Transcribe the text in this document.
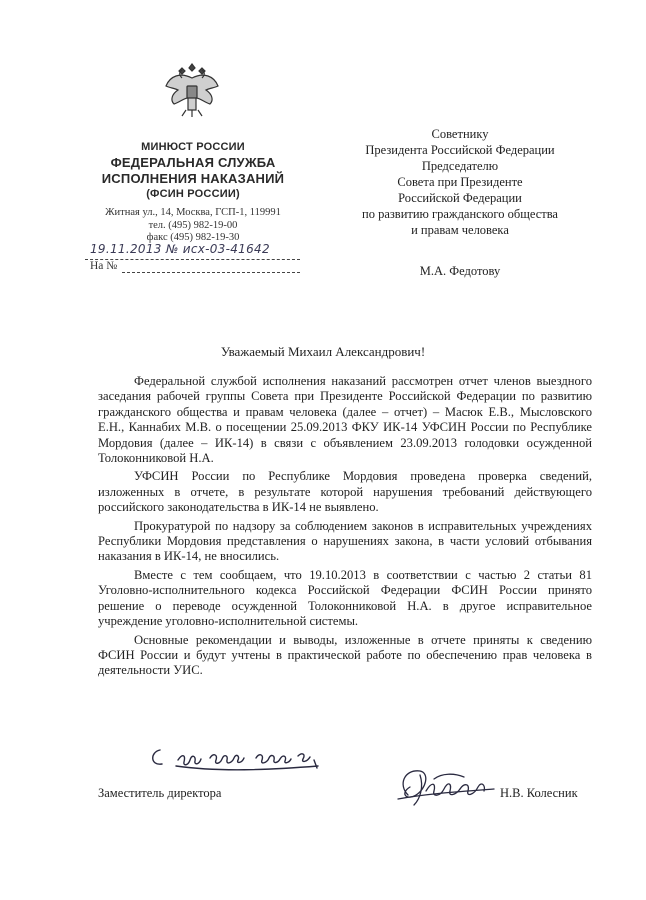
МИНЮСТ РОССИИ
ФЕДЕРАЛЬНАЯ СЛУЖБА
ИСПОЛНЕНИЯ НАКАЗАНИЙ
(ФСИН РОССИИ)
Житная ул., 14, Москва, ГСП-1, 119991
тел. (495) 982-19-00
факс (495) 982-19-30
19.11.2013 № исх-03-41642
На №
Советнику
Президента Российской Федерации
Председателю
Совета при Президенте
Российской Федерации
по развитию гражданского общества
и правам человека
М.А. Федотову
Уважаемый Михаил Александрович!

Федеральной службой исполнения наказаний рассмотрен отчет членов выездного заседания рабочей группы Совета при Президенте Российской Федерации по развитию гражданского общества и правам человека (далее – отчет) – Масюк Е.В., Мысловского Е.Н., Каннабих М.В. о посещении 25.09.2013 ФКУ ИК-14 УФСИН России по Республике Мордовия (далее – ИК-14) в связи с объявлением 23.09.2013 голодовки осужденной Толоконниковой Н.А.

УФСИН России по Республике Мордовия проведена проверка сведений, изложенных в отчете, в результате которой нарушения требований действующего российского законодательства в ИК-14 не выявлено.

Прокуратурой по надзору за соблюдением законов в исправительных учреждениях Республики Мордовия представления о нарушениях закона, в части условий отбывания наказания в ИК-14, не вносились.

Вместе с тем сообщаем, что 19.10.2013 в соответствии с частью 2 статьи 81 Уголовно-исполнительного кодекса Российской Федерации ФСИН России принято решение о переводе осужденной Толоконниковой Н.А. в другое исправительное учреждение уголовно-исполнительной системы.

Основные рекомендации и выводы, изложенные в отчете приняты к сведению ФСИН России и будут учтены в практической работе по обеспечению прав человека в деятельности УИС.

Заместитель директора	Н.В. Колесник
